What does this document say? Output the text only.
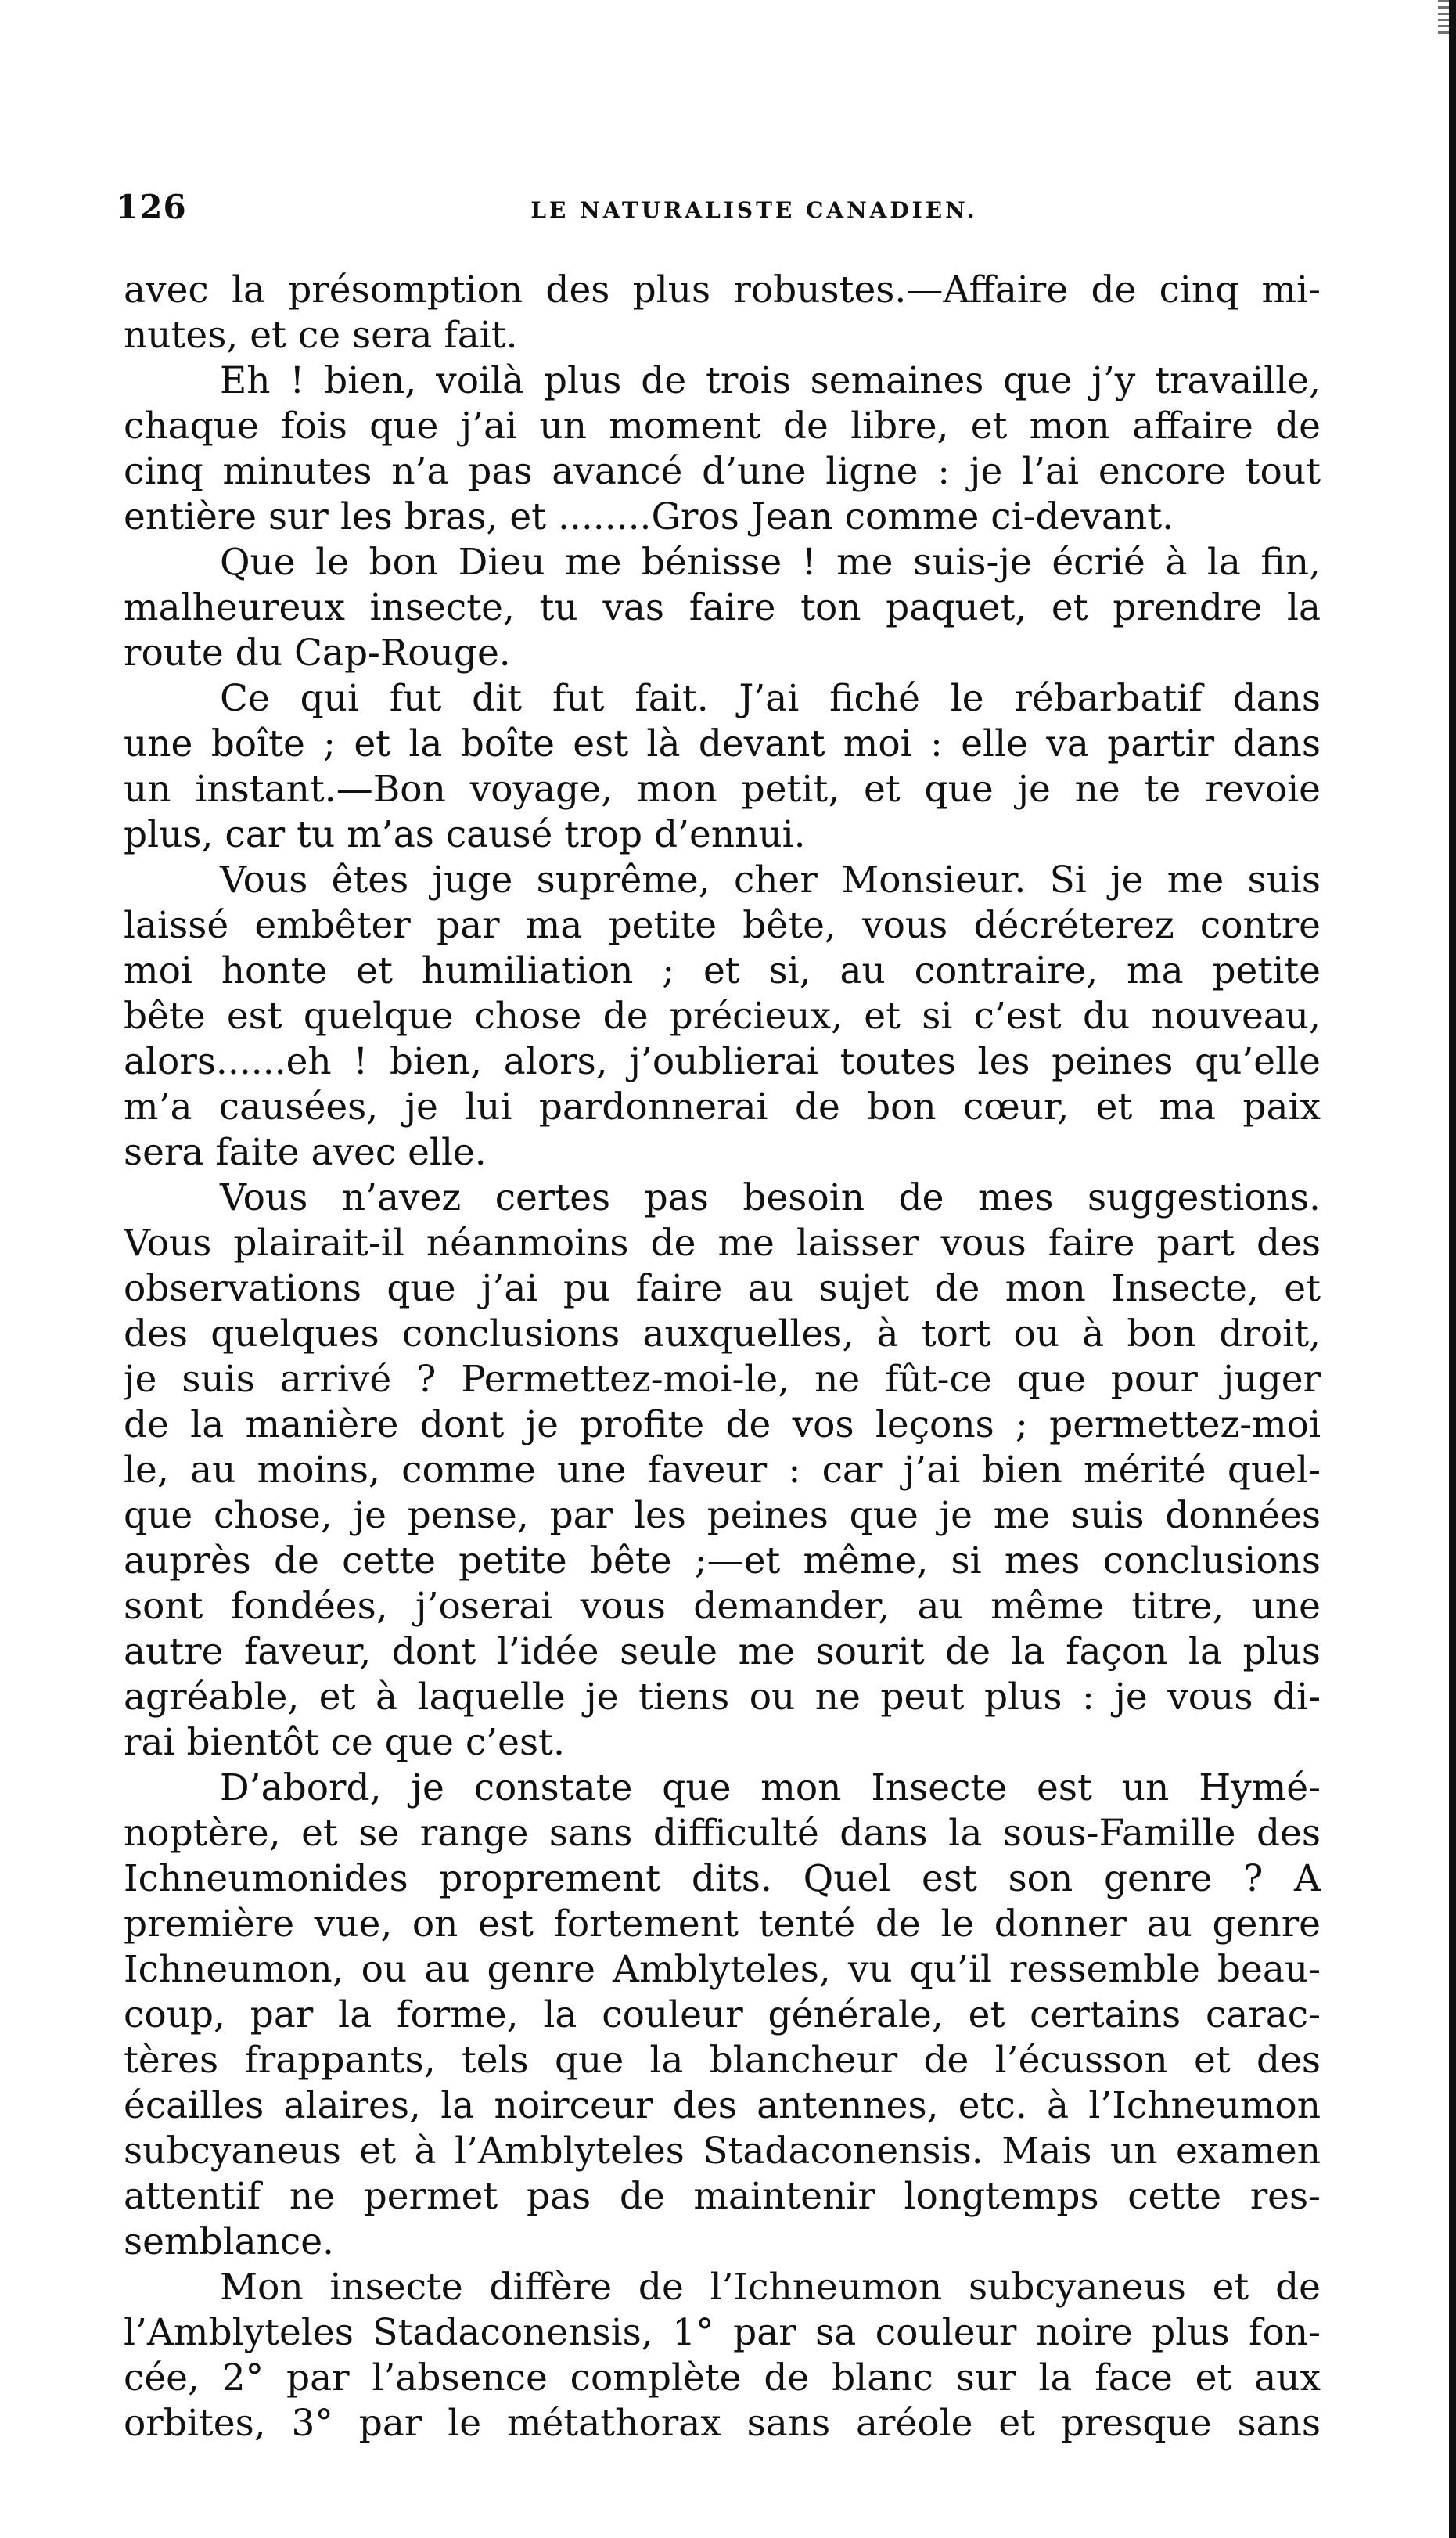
126	LE NATURALISTE CANADIEN.
avec la présomption des plus robustes.—Affaire de cinq mi-
nutes, et ce sera fait.
Eh ! bien, voilà plus de trois semaines que j’y travaille,
chaque fois que j’ai un moment de libre, et mon affaire de
cinq minutes n’a pas avancé d’une ligne : je l’ai encore tout
entière sur les bras, et ........Gros Jean comme ci-devant.
Que le bon Dieu me bénisse ! me suis-je écrié à la fin,
malheureux insecte, tu vas faire ton paquet, et prendre la
route du Cap-Rouge.
Ce qui fut dit fut fait. J’ai fiché le rébarbatif dans
une boîte ; et la boîte est là devant moi : elle va partir dans
un instant.—Bon voyage, mon petit, et que je ne te revoie
plus, car tu m’as causé trop d’ennui.
Vous êtes juge suprême, cher Monsieur. Si je me suis
laissé embêter par ma petite bête, vous décréterez contre
moi honte et humiliation ; et si, au contraire, ma petite
bête est quelque chose de précieux, et si c’est du nouveau,
alors......eh ! bien, alors, j’oublierai toutes les peines qu’elle
m’a causées, je lui pardonnerai de bon cœur, et ma paix
sera faite avec elle.
Vous n’avez certes pas besoin de mes suggestions.
Vous plairait-il néanmoins de me laisser vous faire part des
observations que j’ai pu faire au sujet de mon Insecte, et
des quelques conclusions auxquelles, à tort ou à bon droit,
je suis arrivé ? Permettez-moi-le, ne fût-ce que pour juger
de la manière dont je profite de vos leçons ; permettez-moi
le, au moins, comme une faveur : car j’ai bien mérité quel-
que chose, je pense, par les peines que je me suis données
auprès de cette petite bête ;—et même, si mes conclusions
sont fondées, j’oserai vous demander, au même titre, une
autre faveur, dont l’idée seule me sourit de la façon la plus
agréable, et à laquelle je tiens ou ne peut plus : je vous di-
rai bientôt ce que c’est.
D’abord, je constate que mon Insecte est un Hymé-
noptère, et se range sans difficulté dans la sous-Famille des
Ichneumonides proprement dits. Quel est son genre ? A
première vue, on est fortement tenté de le donner au genre
Ichneumon, ou au genre Amblyteles, vu qu’il ressemble beau-
coup, par la forme, la couleur générale, et certains carac-
tères frappants, tels que la blancheur de l’écusson et des
écailles alaires, la noirceur des antennes, etc. à l’Ichneumon
subcyaneus et à l’Amblyteles Stadaconensis. Mais un examen
attentif ne permet pas de maintenir longtemps cette res-
semblance.
Mon insecte diffère de l’Ichneumon subcyaneus et de
l’Amblyteles Stadaconensis, 1° par sa couleur noire plus fon-
cée, 2° par l’absence complète de blanc sur la face et aux
orbites, 3° par le métathorax sans aréole et presque sans
